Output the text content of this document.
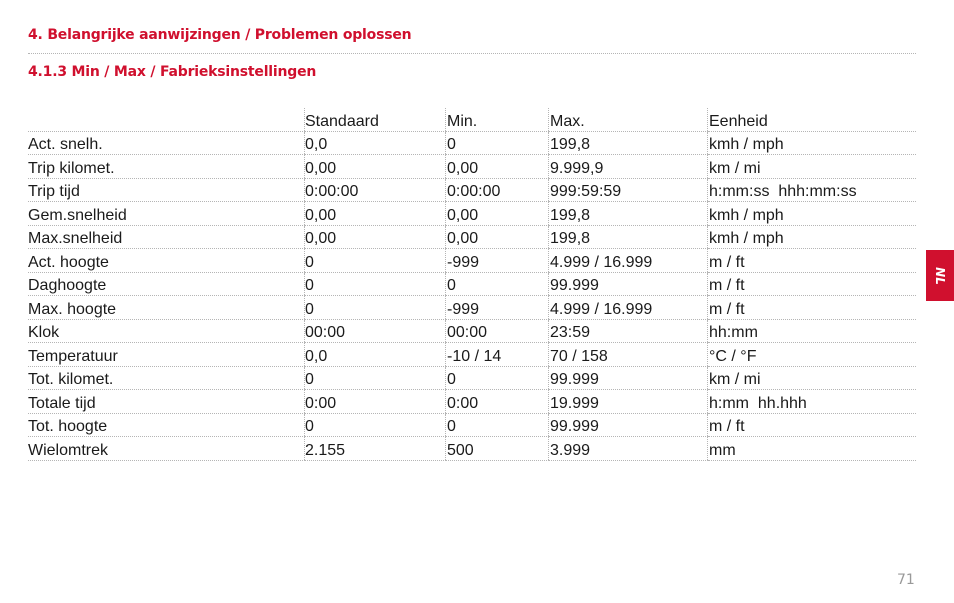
4. Belangrijke aanwijzingen / Problemen oplossen
4.1.3 Min / Max / Fabrieksinstellingen
	Standaard	Min.	Max.	Eenheid
Act. snelh.	0,0	0	199,8	kmh / mph
Trip kilomet.	0,00	0,00	9.999,9	km / mi
Trip tijd	0:00:00	0:00:00	999:59:59	h:mm:ss  hhh:mm:ss
Gem.snelheid	0,00	0,00	199,8	kmh / mph
Max.snelheid	0,00	0,00	199,8	kmh / mph
Act. hoogte	0	-999	4.999 / 16.999	m / ft
Daghoogte	0	0	99.999	m / ft
Max. hoogte	0	-999	4.999 / 16.999	m / ft
Klok	00:00	00:00	23:59	hh:mm
Temperatuur	0,0	-10 / 14	70 / 158	°C / °F
Tot. kilomet.	0	0	99.999	km / mi
Totale tijd	0:00	0:00	19.999	h:mm  hh.hhh
Tot. hoogte	0	0	99.999	m / ft
Wielomtrek	2.155	500	3.999	mm
NL
71
